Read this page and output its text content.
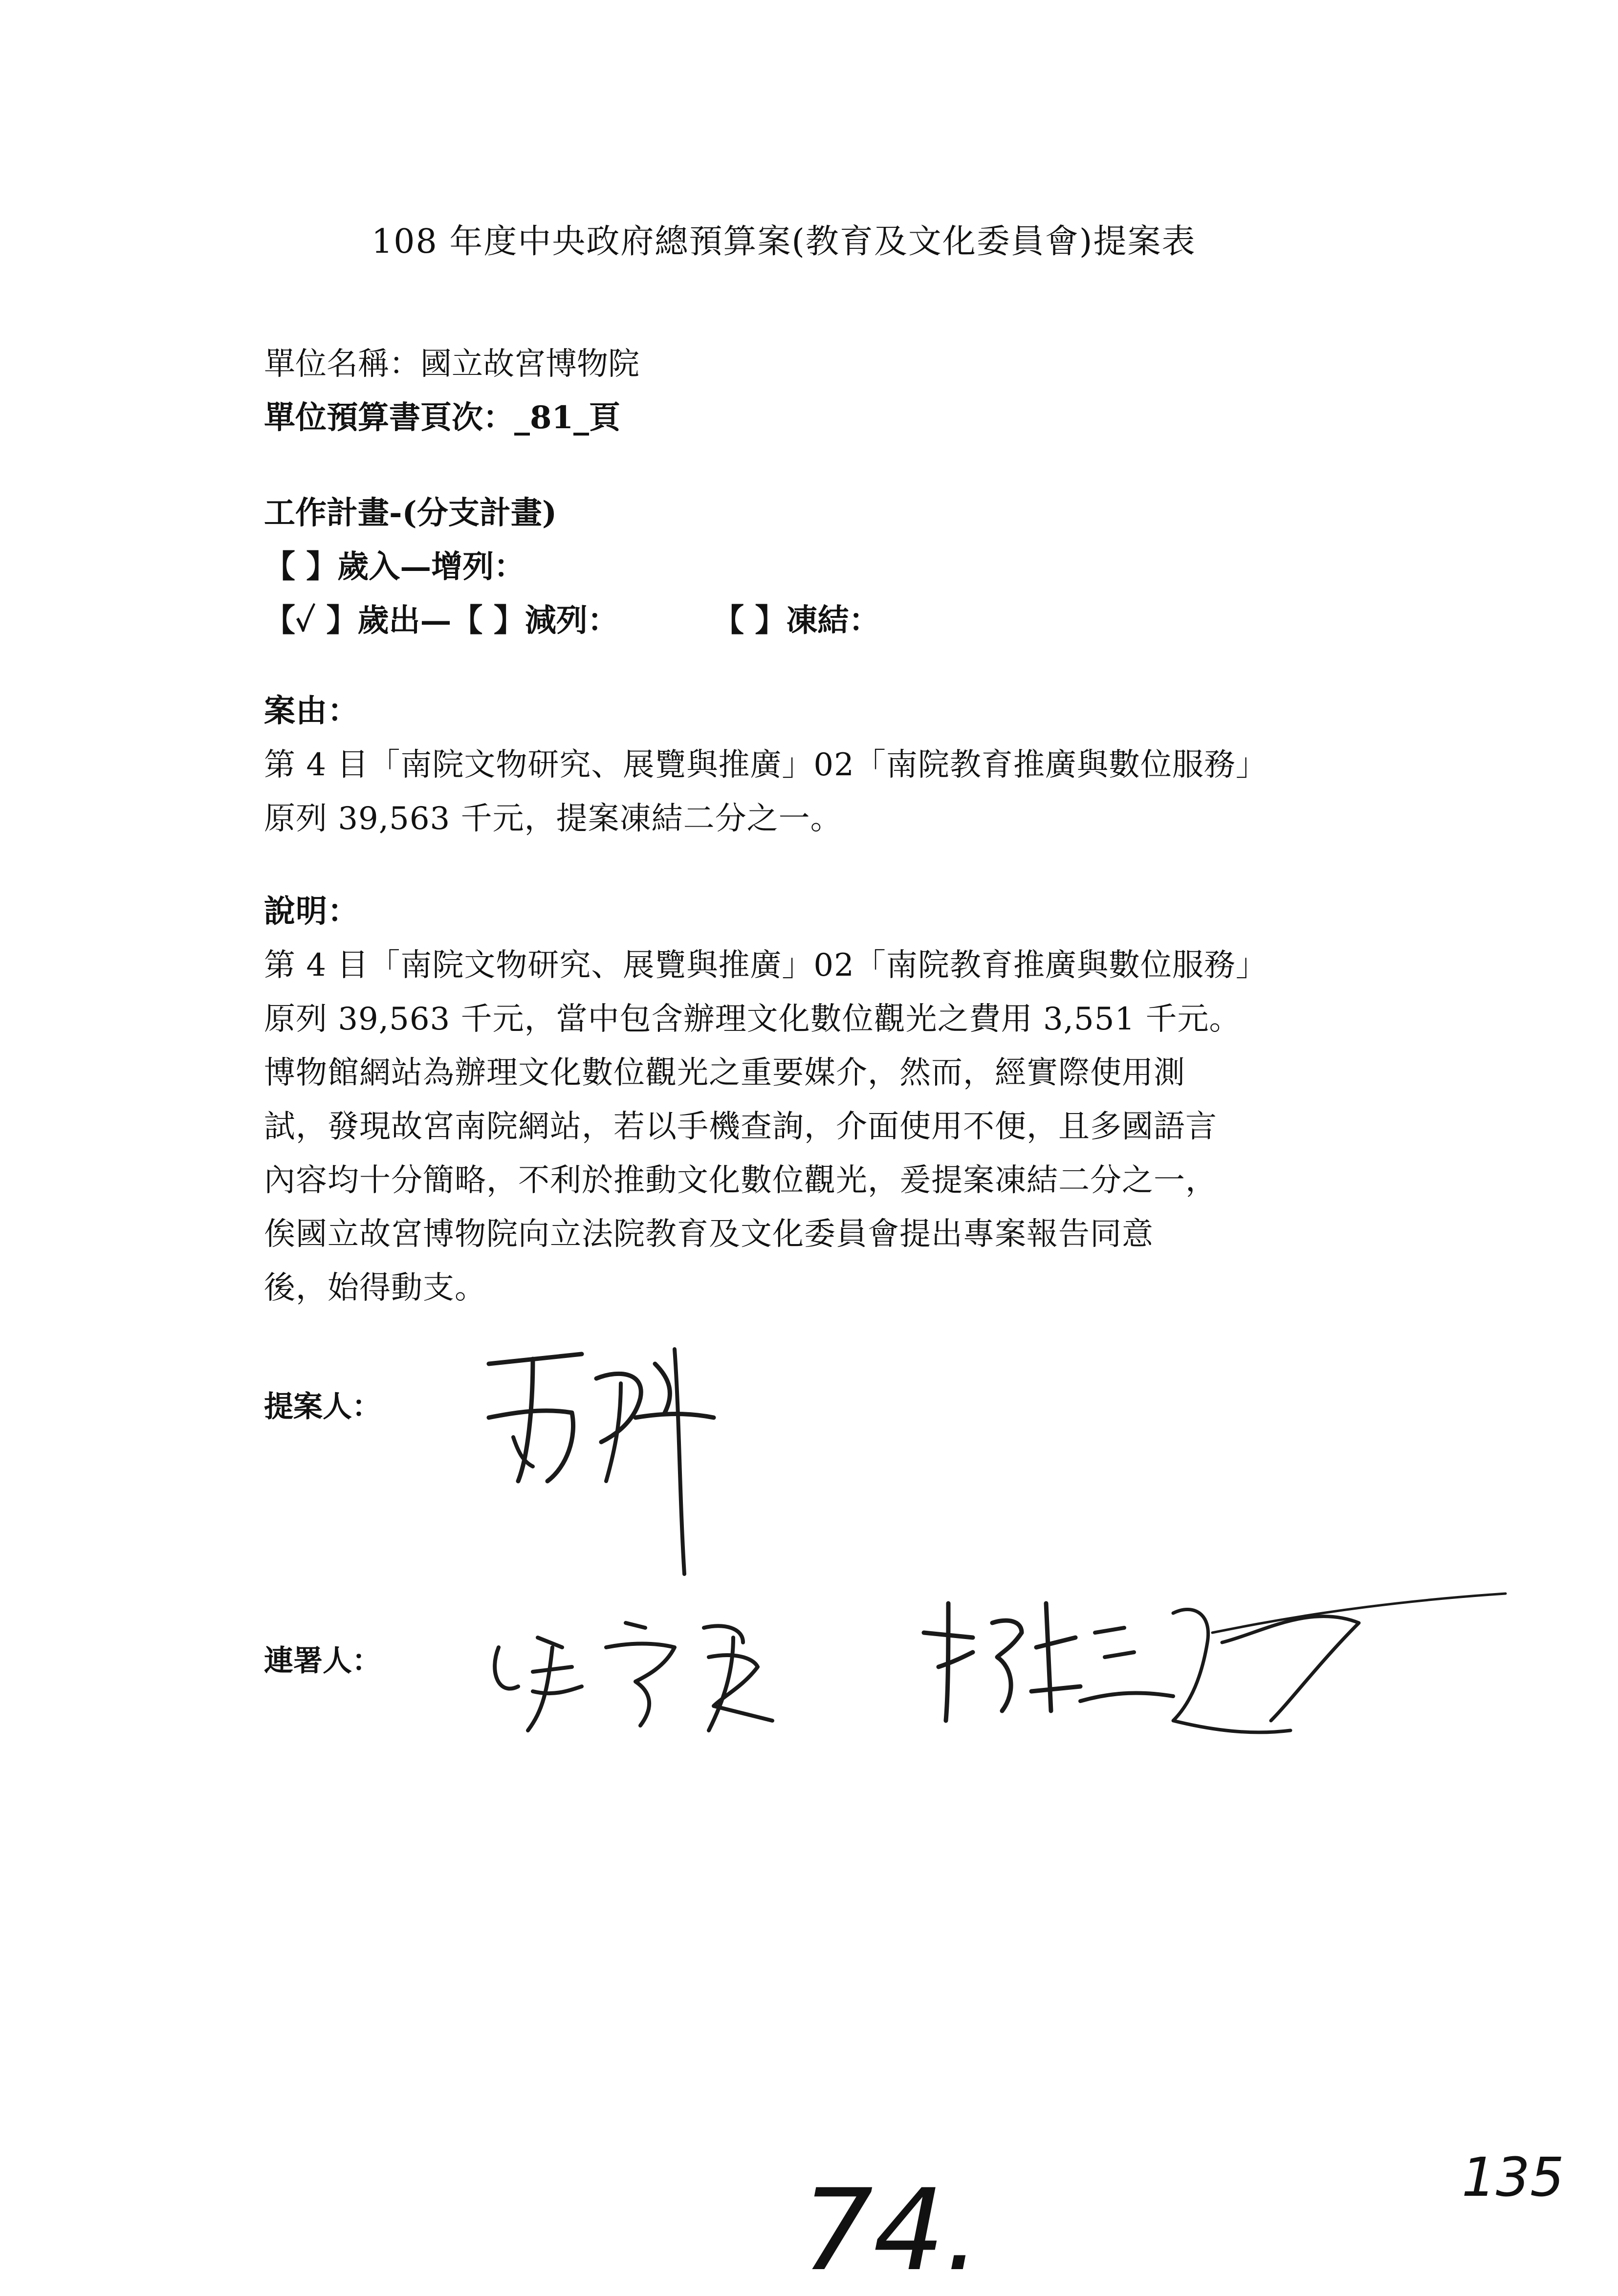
108 年度中央政府總預算案(教育及文化委員會)提案表
單位名稱：國立故宮博物院
單位預算書頁次：_81_頁
工作計畫-(分支計畫)
【 】歲入—增列：
【✓ 】歲出—【 】減列：	【 】凍結：
案由：
第 4 目「南院文物研究、展覽與推廣」02「南院教育推廣與數位服務」
原列 39,563 千元，提案凍結二分之一。
說明：
第 4 目「南院文物研究、展覽與推廣」02「南院教育推廣與數位服務」
原列 39,563 千元，當中包含辦理文化數位觀光之費用 3,551 千元。
博物館網站為辦理文化數位觀光之重要媒介，然而，經實際使用測
試，發現故宮南院網站，若以手機查詢，介面使用不便，且多國語言
內容均十分簡略，不利於推動文化數位觀光，爰提案凍結二分之一，
俟國立故宮博物院向立法院教育及文化委員會提出專案報告同意
後，始得動支。
提案人：
連署人：
74.	135
